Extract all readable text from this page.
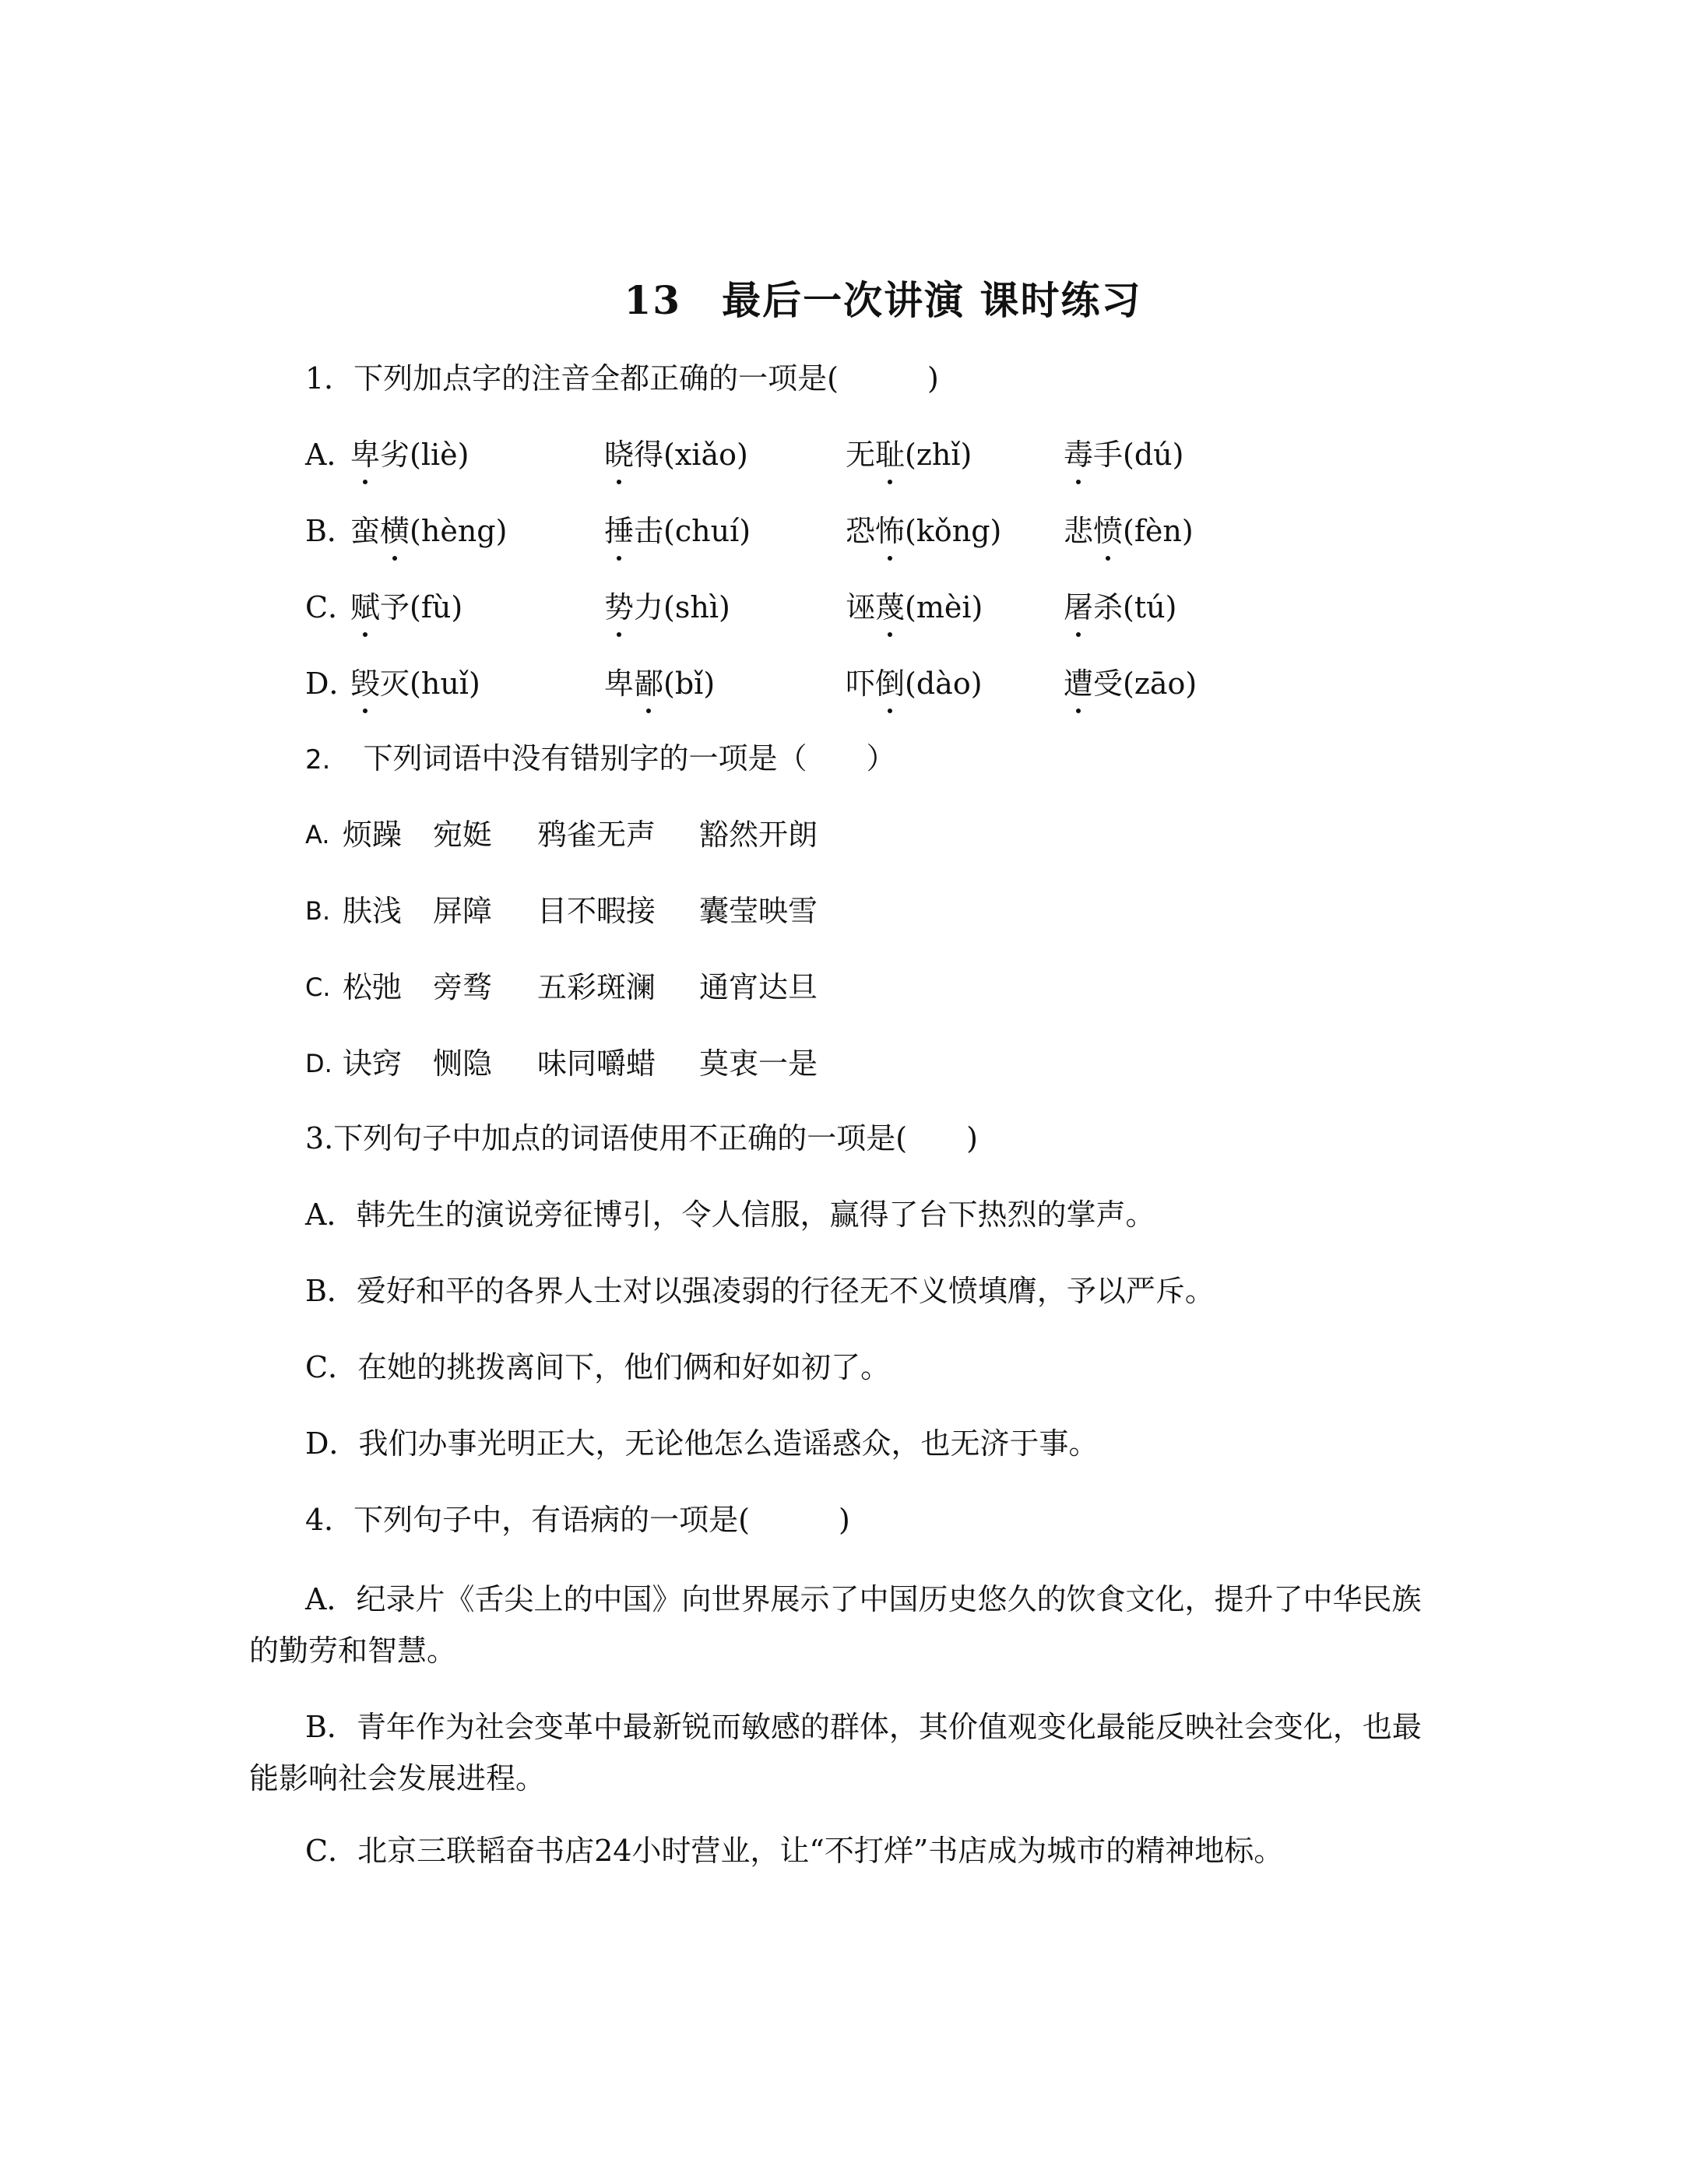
13 最后一次讲演 课时练习
1．下列加点字的注音全都正确的一项是(　　　)
A．
卑劣(liè)	晓得(xiǎo)	无耻(zhǐ)	毒手(dú)
B．
蛮横(hèng)	捶击(chuí)	恐怖(kǒng) 悲愤(fèn)
C．
赋予(fù)	势力(shì)	诬蔑(mèi)	屠杀(tú)
D．
毁灭(huǐ)	卑鄙(bǐ)	吓倒(dào)	遭受(zāo)
2. 下列词语中没有错别字的一项是（　　）
A. 烦躁 宛娗 鸦雀无声 豁然开朗
B. 肤浅 屏障 目不暇接 囊莹映雪
C. 松弛 旁骛 五彩斑澜 通宵达旦
D. 诀窍 恻隐 味同嚼蜡 莫衷一是
3.下列句子中加点的词语使用不正确的一项是(　　)
A．韩先生的演说旁征博引，令人信服，赢得了台下热烈的掌声。
B．爱好和平的各界人士对以强凌弱的行径无不义愤填膺，予以严斥。
C．在她的挑拨离间下，他们俩和好如初了。
D．我们办事光明正大，无论他怎么造谣惑众，也无济于事。
4．下列句子中，有语病的一项是(　　　)
A．纪录片《舌尖上的中国》向世界展示了中国历史悠久的饮食文化，提升了中华民族的勤劳和智慧。
B．青年作为社会变革中最新锐而敏感的群体，其价值观变化最能反映社会变化，也最能影响社会发展进程。
C．北京三联韬奋书店24小时营业，让“不打烊”书店成为城市的精神地标。
